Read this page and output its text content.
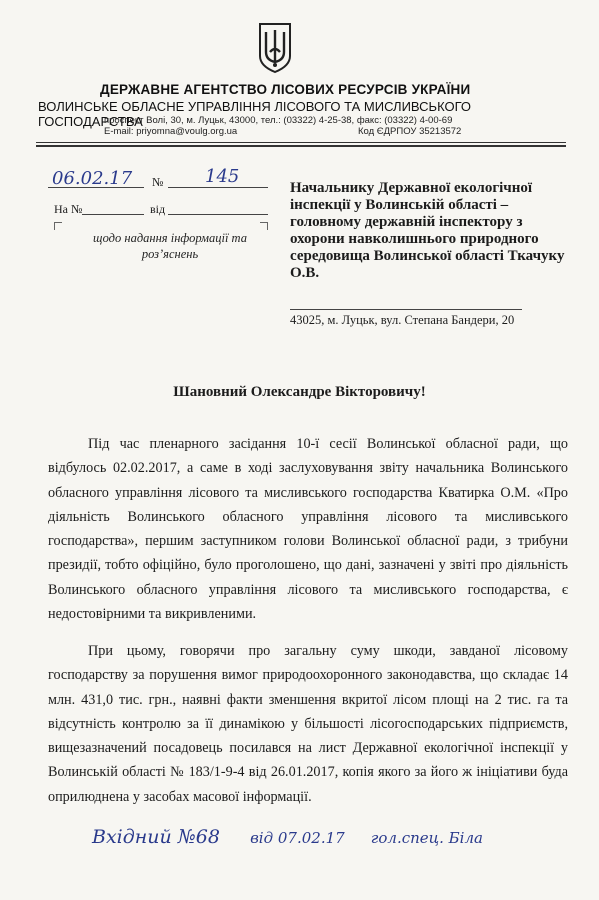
ДЕРЖАВНЕ АГЕНТСТВО ЛІСОВИХ РЕСУРСІВ УКРАЇНИ
ВОЛИНСЬКЕ ОБЛАСНЕ УПРАВЛІННЯ ЛІСОВОГО ТА МИСЛИВСЬКОГО ГОСПОДАРСТВА
проспект Волі, 30, м. Луцьк, 43000, тел.: (03322) 4-25-38, факс: (03322) 4-00-69
E-mail: priyomna@voulg.org.ua	Код ЄДРПОУ 35213572
06.02.17 № 145
На №	від
щодо надання інформації та роз’яснень
Начальнику Державної екологічної інспекції у Волинській області – головному державній інспектору з охорони навколишнього природного середовища Волинської області Ткачуку О.В.
43025, м. Луцьк, вул. Степана Бандери, 20
Шановний Олександре Вікторовичу!
Під час пленарного засідання 10-ї сесії Волинської обласної ради, що відбулось 02.02.2017, а саме в ході заслуховування звіту начальника Волинського обласного управління лісового та мисливського господарства Кватирка О.М. «Про діяльність Волинського обласного управління лісового та мисливського господарства», першим заступником голови Волинської обласної ради, з трибуни президії, тобто офіційно, було проголошено, що дані, зазначені у звіті про діяльність Волинського обласного управління лісового та мисливського господарства, є недостовірними та викривленими.
При цьому, говорячи про загальну суму шкоди, завданої лісовому господарству за порушення вимог природоохоронного законодавства, що складає 14 млн. 431,0 тис. грн., наявні факти зменшення вкритої лісом площі на 2 тис. га та відсутність контролю за її динамікою у більшості лісогосподарських підприємств, вищезазначений посадовець посилався на лист Державної екологічної інспекції у Волинській області № 183/1-9-4 від 26.01.2017, копія якого за його ж ініціативи буда оприлюднена у засобах масової інформації.
Вхідний №68 від 07.02.17 гол.спец. Біла
